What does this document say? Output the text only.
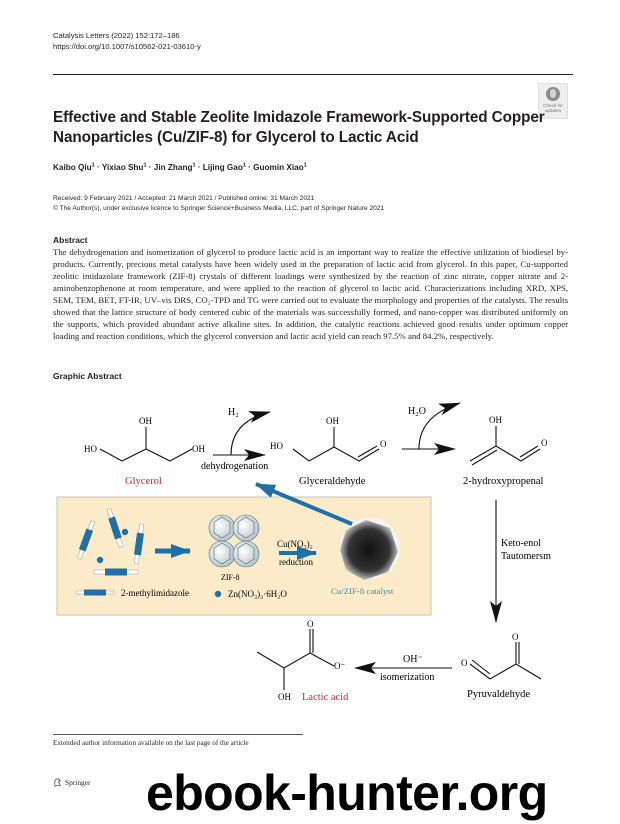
Catalysis Letters (2022) 152:172–186
https://doi.org/10.1007/s10562-021-03610-y
Check for
updates
Effective and Stable Zeolite Imidazole Framework-Supported Copper
Nanoparticles (Cu/ZIF-8) for Glycerol to Lactic Acid
Kaibo Qiu$^1$ · Yixiao Shu$^1$ · Jin Zhang$^1$ · Lijing Gao$^1$ · Guomin Xiao$^1$
Received: 9 February 2021 / Accepted: 21 March 2021 / Published online: 31 March 2021
© The Author(s), under exclusive licence to Springer Science+Business Media, LLC, part of Springer Nature 2021
Abstract
The dehydrogenation and isomerization of glycerol to produce lactic acid is an important way to realize the effective utilization of biodiesel by-products. Currently, precious metal catalysts have been widely used in the preparation of lactic acid from glycerol. In this paper, Cu-supported zeolitic imidazolate framework (ZIF-8) crystals of different loadings were synthesized by the reaction of zinc nitrate, copper nitrate and 2-aminobenzophenone at room temperature, and were applied to the reaction of glycerol to lactic acid. Characterizations including XRD, XPS, SEM, TEM, BET, FT-IR, UV–vis DRS, CO₂-TPD and TG were carried out to evaluate the morphology and properties of the catalysts. The results showed that the lattice structure of body centered cubic of the materials was successfully formed, and nano-copper was distributed uniformly on the supports, which provided abundant active alkaline sites. In addition, the catalytic reactions achieved good results under optimum copper loading and reaction conditions, which the glycerol conversion and lactic acid yield can reach 97.5% and 84.2%, respectively.
Graphic Abstract
OH
HO	OH
Glycerol
H₂
dehydrogenation
OH
HO	O
Glyceraldehyde
H₂O
OH
O
2-hydroxypropenal
Keto-enol
Tautomersm
O
O
Pyruvaldehyde
OH⁻
isomerization
O
O⁻
OH Lactic acid
ZIF-8
Cu(NO₃)₂
reduction
Cu/ZIF-8 catalyst
2-methylimidazole	Zn(NO₃)₂·6H₂O
Extended author information available on the last page of the article
Springer ebook-hunter.org
